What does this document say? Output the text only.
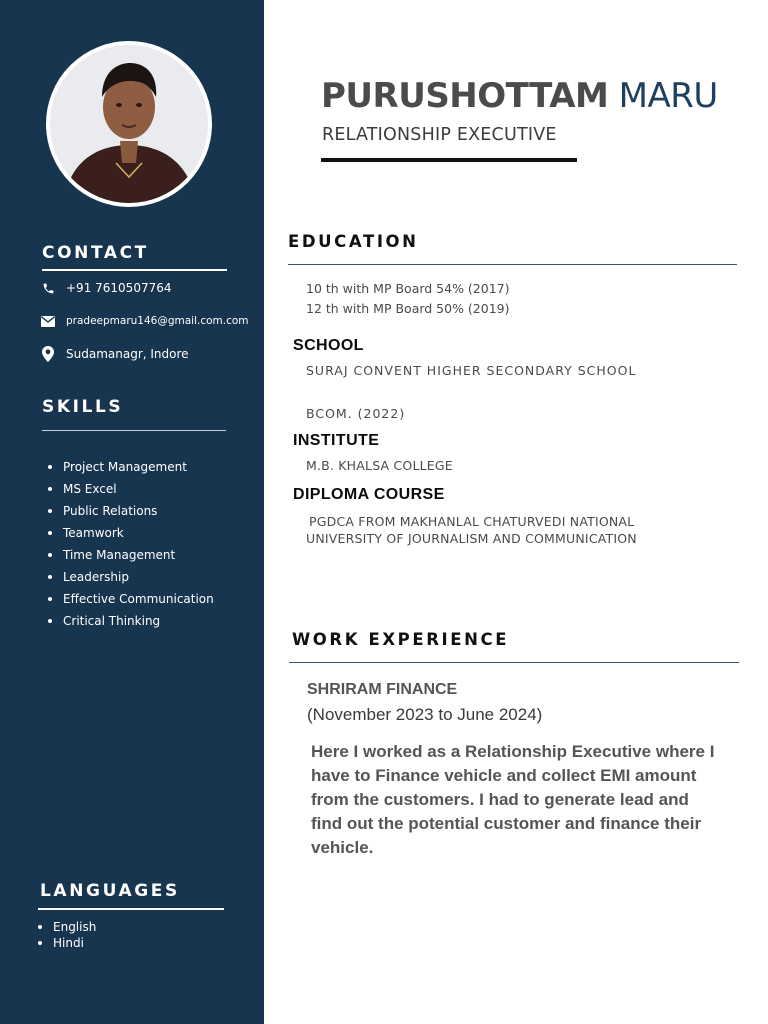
CONTACT
+91 7610507764
pradeepmaru146@gmail.com.com
Sudamanagr, Indore
SKILLS
Project Management
MS Excel
Public Relations
Teamwork
Time Management
Leadership
Effective Communication
Critical Thinking
LANGUAGES
English
Hindi
PURUSHOTTAM MARU
RELATIONSHIP EXECUTIVE
EDUCATION
10 th with MP Board 54% (2017)
12 th with MP Board 50% (2019)
SCHOOL
SURAJ CONVENT HIGHER SECONDARY SCHOOL
BCOM. (2022)
INSTITUTE
M.B. KHALSA COLLEGE
DIPLOMA COURSE
PGDCA FROM MAKHANLAL CHATURVEDI NATIONAL
UNIVERSITY OF JOURNALISM AND COMMUNICATION
WORK EXPERIENCE
SHRIRAM FINANCE
(November 2023 to June 2024)
Here I worked as a Relationship Executive where I
have to Finance vehicle and collect EMI amount
from the customers. I had to generate lead and
find out the potential customer and finance their
vehicle.
